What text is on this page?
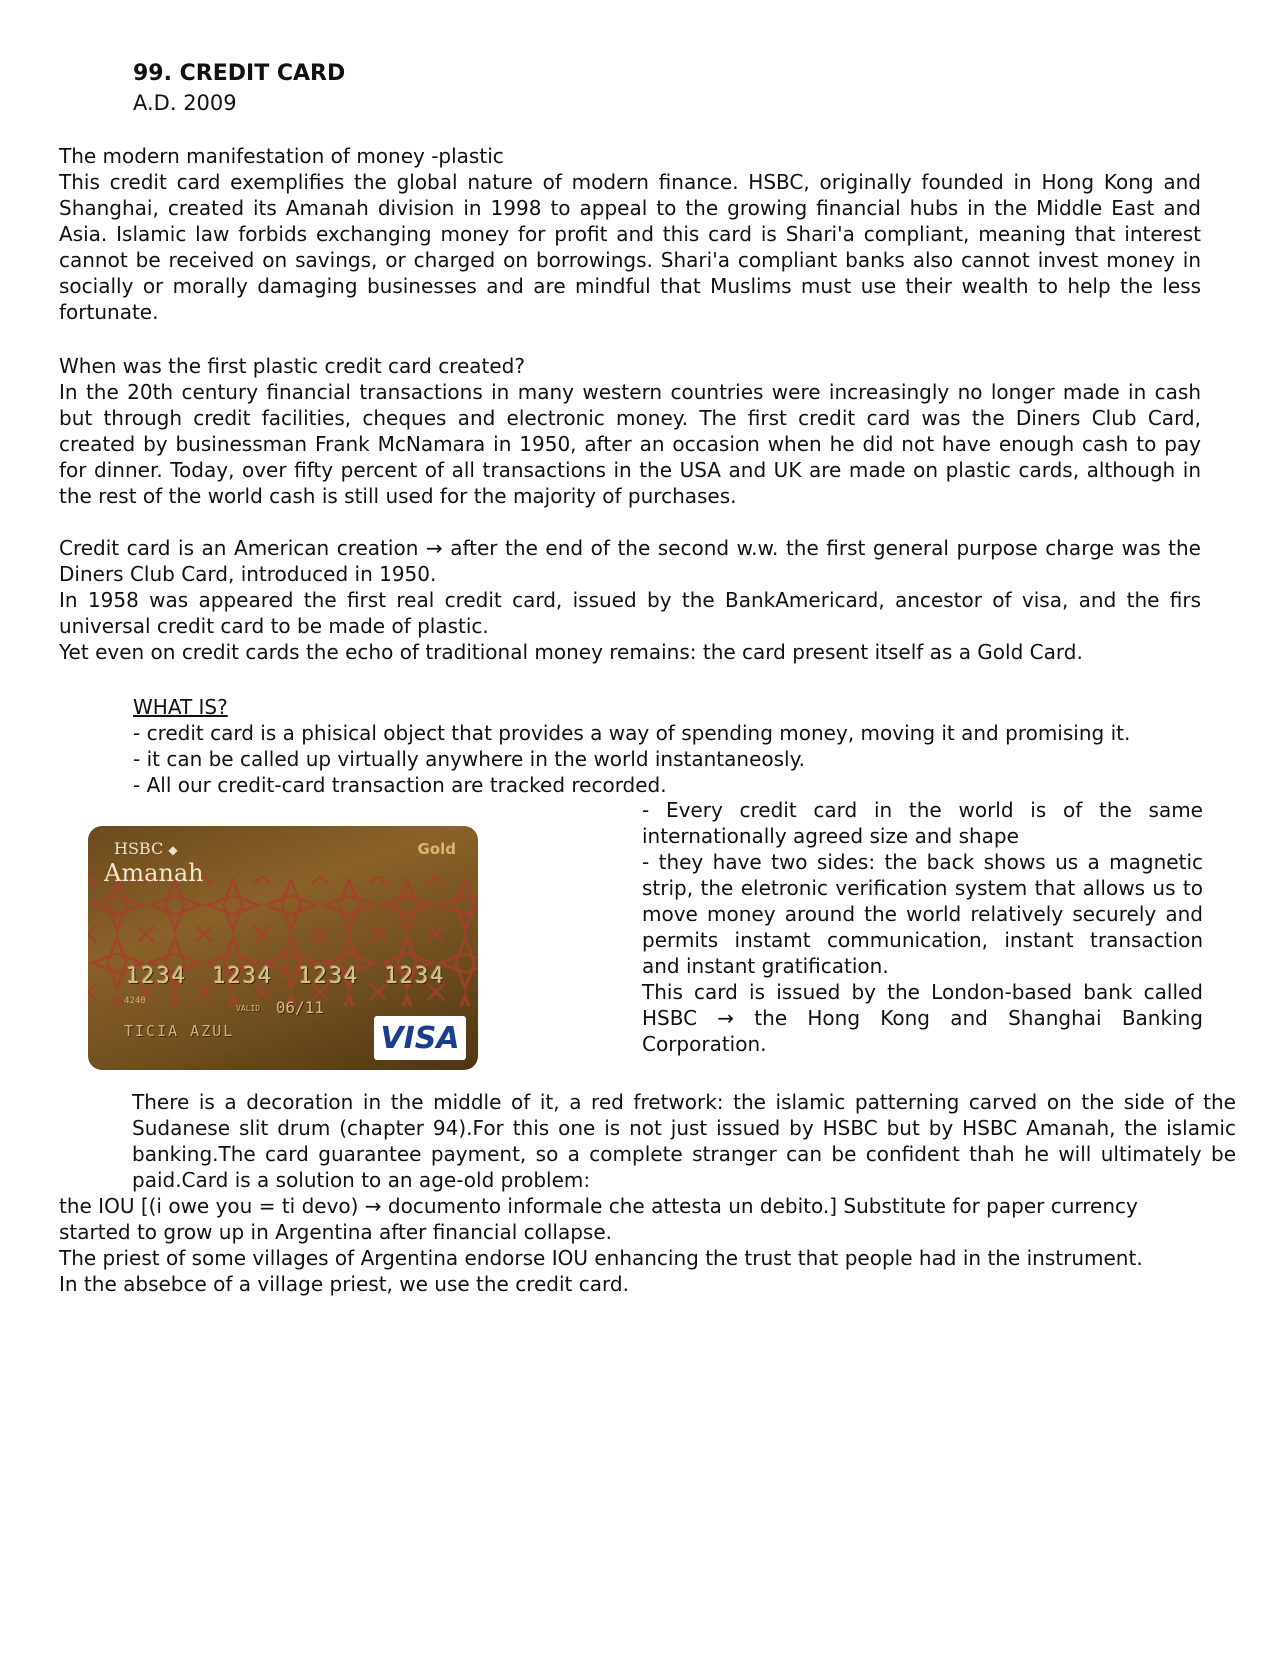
99. CREDIT CARD
A.D. 2009
The modern manifestation of money -plastic
This credit card exemplifies the global nature of modern finance. HSBC, originally founded in Hong Kong and Shanghai, created its Amanah division in 1998 to appeal to the growing financial hubs in the Middle East and Asia. Islamic law forbids exchanging money for profit and this card is Shari'a compliant, meaning that interest cannot be received on savings, or charged on borrowings. Shari'a compliant banks also cannot invest money in socially or morally damaging businesses and are mindful that Muslims must use their wealth to help the less fortunate.
When was the first plastic credit card created?
In the 20th century financial transactions in many western countries were increasingly no longer made in cash but through credit facilities, cheques and electronic money. The first credit card was the Diners Club Card, created by businessman Frank McNamara in 1950, after an occasion when he did not have enough cash to pay for dinner. Today, over fifty percent of all transactions in the USA and UK are made on plastic cards, although in the rest of the world cash is still used for the majority of purchases.
Credit card is an American creation → after the end of the second w.w. the first general purpose charge was the Diners Club Card, introduced in 1950.
In 1958 was appeared the first real credit card, issued by the BankAmericard, ancestor of visa, and the firs universal credit card to be made of plastic.
Yet even on credit cards the echo of traditional money remains: the card present itself as a Gold Card.
WHAT IS?
- credit card is a phisical object that provides a way of spending money, moving it and promising it.
- it can be called up virtually anywhere in the world instantaneosly.
- All our credit-card transaction are tracked recorded.
HSBC ◆
Amanah
Gold
1234 1234 1234 1234
4240
VALID 06/11
TICIA AZUL	VISA
- Every credit card in the world is of the same internationally agreed size and shape
- they have two sides: the back shows us a magnetic strip, the eletronic verification system that allows us to move money around the world relatively securely and permits instamt communication, instant transaction and instant gratification.
This card is issued by the London-based bank called HSBC → the Hong Kong and Shanghai Banking Corporation.
There is a decoration in the middle of it, a red fretwork: the islamic patterning carved on the side of the Sudanese slit drum (chapter 94).For this one is not just issued by HSBC but by HSBC Amanah, the islamic banking.The card guarantee payment, so a complete stranger can be confident thah he will ultimately be paid.Card is a solution to an age-old problem:
the IOU [(i owe you = ti devo) → documento informale che attesta un debito.] Substitute for paper currency
started to grow up in Argentina after financial collapse.
The priest of some villages of Argentina endorse IOU enhancing the trust that people had in the instrument.
In the absebce of a village priest, we use the credit card.
